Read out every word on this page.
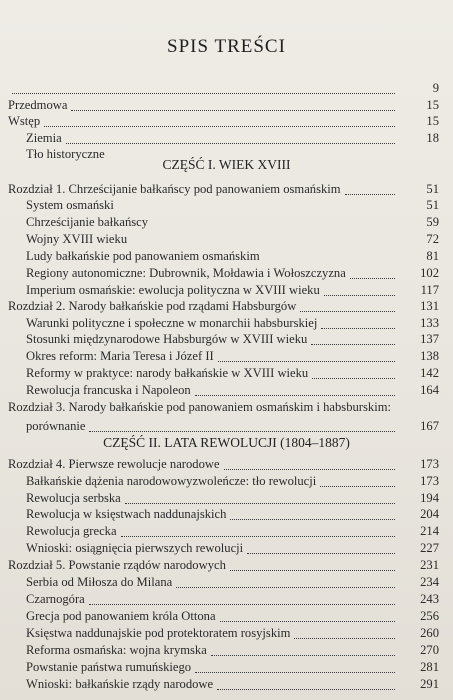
SPIS TREŚCI
CZĘŚĆ I. WIEK XVIII
CZĘŚĆ II. LATA REWOLUCJI (1804–1887)
9
Przedmowa	15
Wstęp	15
Ziemia	18
Tło historyczne
Rozdział 1. Chrześcijanie bałkańscy pod panowaniem osmańskim	51
System osmański	51
Chrześcijanie bałkańscy	59
Wojny XVIII wieku	72
Ludy bałkańskie pod panowaniem osmańskim	81
Regiony autonomiczne: Dubrownik, Mołdawia i Wołoszczyzna	102
Imperium osmańskie: ewolucja polityczna w XVIII wieku	117
Rozdział 2. Narody bałkańskie pod rządami Habsburgów	131
Warunki polityczne i społeczne w monarchii habsburskiej	133
Stosunki międzynarodowe Habsburgów w XVIII wieku	137
Okres reform: Maria Teresa i Józef II	138
Reformy w praktyce: narody bałkańskie w XVIII wieku	142
Rewolucja francuska i Napoleon	164
Rozdział 3. Narody bałkańskie pod panowaniem osmańskim i habsburskim:
porównanie	167
Rozdział 4. Pierwsze rewolucje narodowe	173
Bałkańskie dążenia narodowowyzwoleńcze: tło rewolucji	173
Rewolucja serbska	194
Rewolucja w księstwach naddunajskich	204
Rewolucja grecka	214
Wnioski: osiągnięcia pierwszych rewolucji	227
Rozdział 5. Powstanie rządów narodowych	231
Serbia od Miłosza do Milana	234
Czarnogóra	243
Grecja pod panowaniem króla Ottona	256
Księstwa naddunajskie pod protektoratem rosyjskim	260
Reforma osmańska: wojna krymska	270
Powstanie państwa rumuńskiego	281
Wnioski: bałkańskie rządy narodowe	291
